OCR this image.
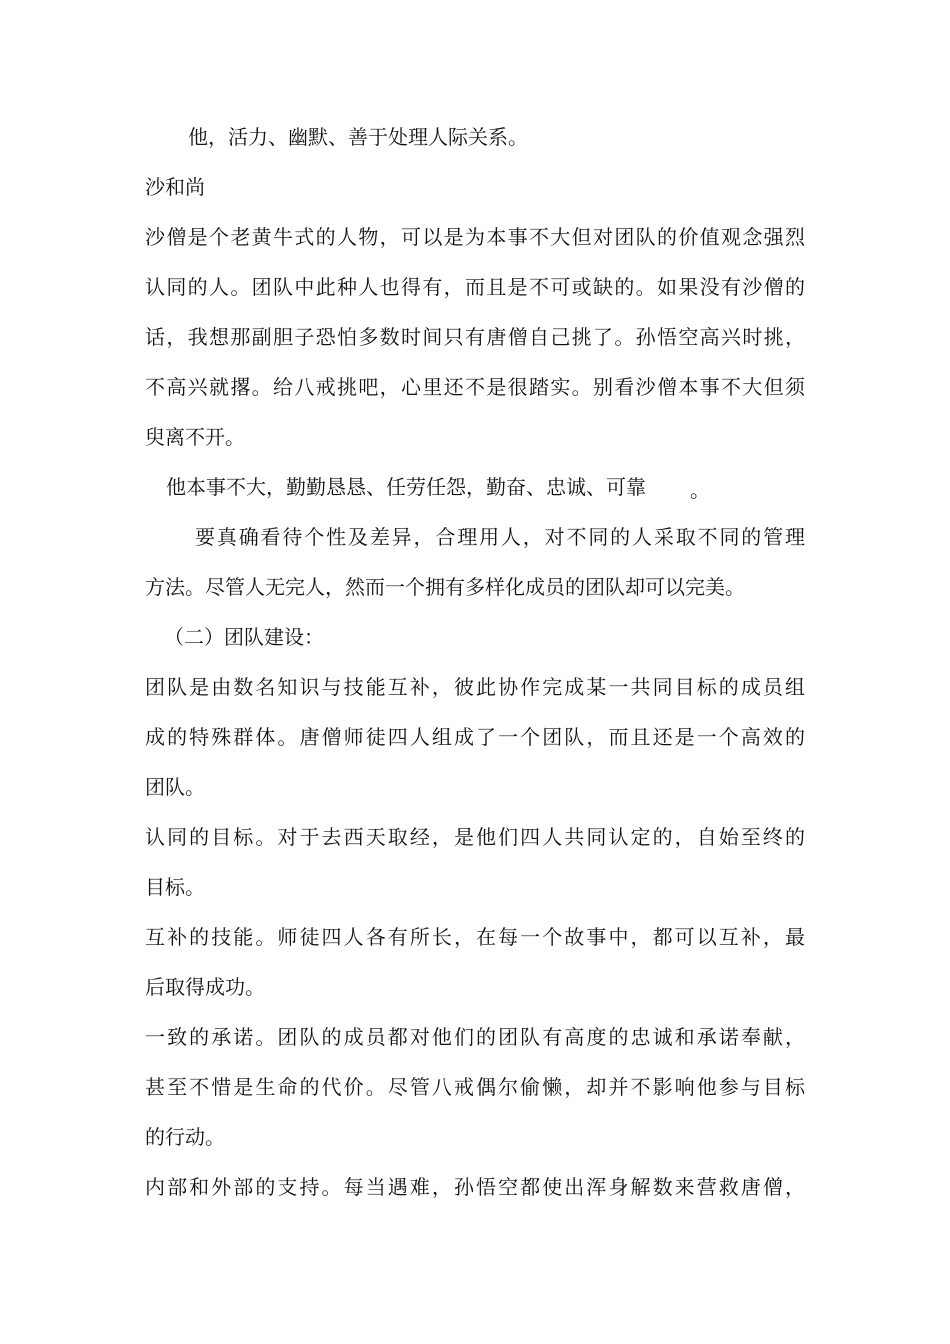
他，活力、幽默、善于处理人际关系。

沙和尚

沙僧是个老黄牛式的人物，可以是为本事不大但对团队的价值观念强烈

认同的人。团队中此种人也得有，而且是不可或缺的。如果没有沙僧的

话，我想那副胆子恐怕多数时间只有唐僧自己挑了。孙悟空高兴时挑，

不高兴就撂。给八戒挑吧，心里还不是很踏实。别看沙僧本事不大但须

臾离不开。

他本事不大，勤勤恳恳、任劳任怨，勤奋、忠诚、可靠 。

要真确看待个性及差异，合理用人，对不同的人采取不同的管理

方法。尽管人无完人，然而一个拥有多样化成员的团队却可以完美。

（二）团队建设：

团队是由数名知识与技能互补，彼此协作完成某一共同目标的成员组

成的特殊群体。唐僧师徒四人组成了一个团队，而且还是一个高效的

团队。

认同的目标。对于去西天取经，是他们四人共同认定的，自始至终的

目标。

互补的技能。师徒四人各有所长，在每一个故事中，都可以互补，最

后取得成功。

一致的承诺。团队的成员都对他们的团队有高度的忠诚和承诺奉献，

甚至不惜是生命的代价。尽管八戒偶尔偷懒，却并不影响他参与目标

的行动。

内部和外部的支持。每当遇难，孙悟空都使出浑身解数来营救唐僧，
